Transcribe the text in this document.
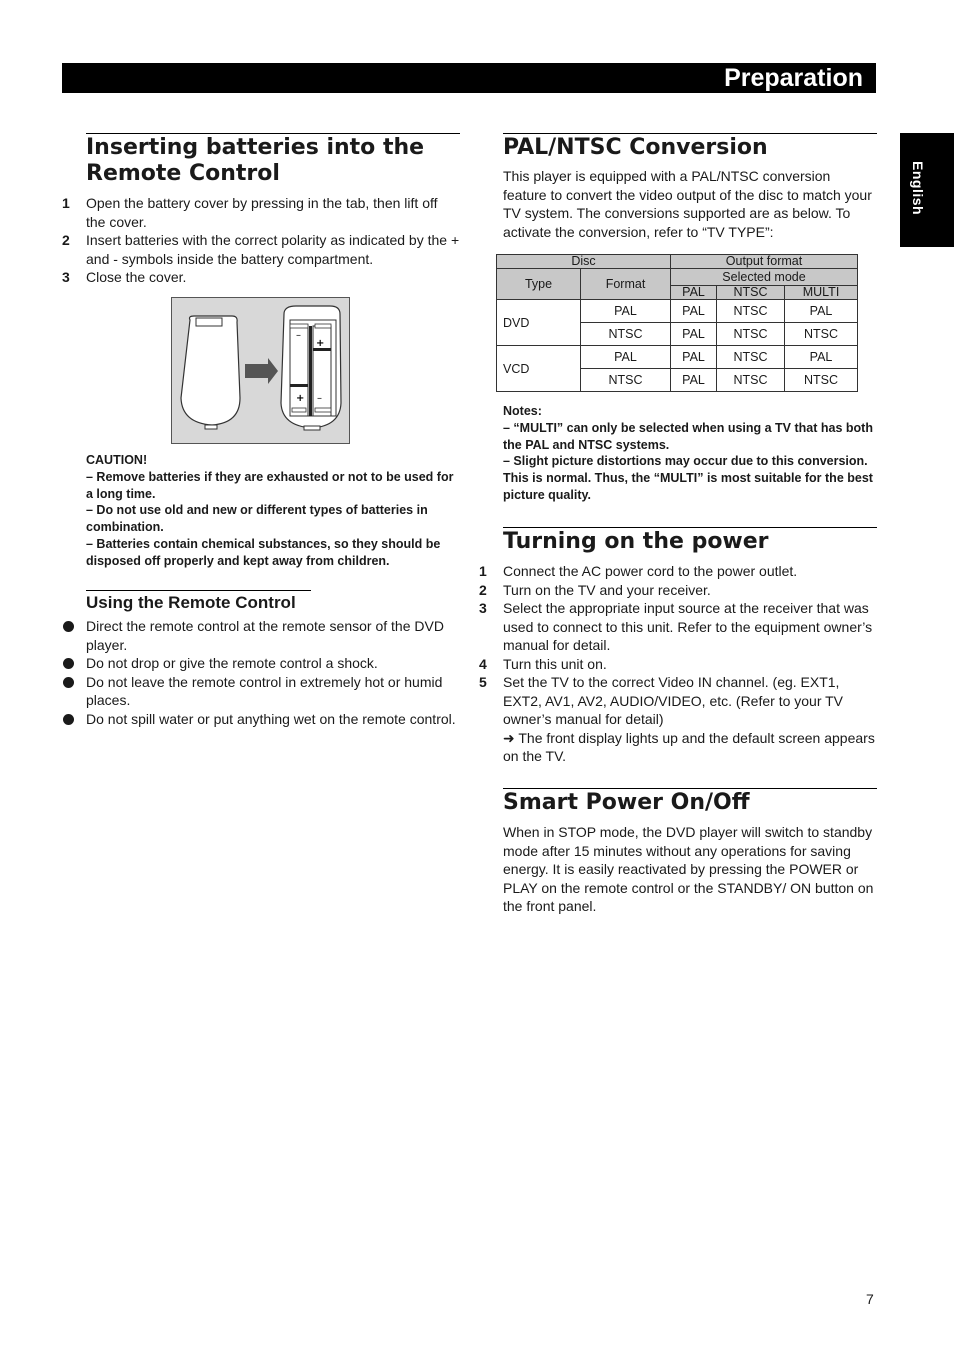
Preparation
English
Inserting batteries into the
Remote Control
1 Open the battery cover by pressing in the tab, then lift off the cover.
2 Insert batteries with the correct polarity as indicated by the + and - symbols inside the battery compartment.
3 Close the cover.
–
+
+ –
CAUTION!
– Remove batteries if they are exhausted or not to be used for a long time.
– Do not use old and new or different types of batteries in combination.
– Batteries contain chemical substances, so they should be disposed off properly and kept away from children.
Using the Remote Control
Direct the remote control at the remote sensor of the DVD player.
Do not drop or give the remote control a shock.
Do not leave the remote control in extremely hot or humid places.
Do not spill water or put anything wet on the remote control.
PAL/NTSC Conversion

This player is equipped with a PAL/NTSC conversion feature to convert the video output of the disc to match your TV system. The conversions supported are as below. To activate the conversion, refer to “TV TYPE”:

Disc		Output format		
Type	Format	Selected mode		
		PAL	NTSC	MULTI
DVD	PAL	PAL	NTSC	PAL
	NTSC	PAL	NTSC	NTSC
VCD	PAL	PAL	NTSC	PAL
	NTSC	PAL	NTSC	NTSC
Notes:
– “MULTI” can only be selected when using a TV that has both the PAL and NTSC systems.
– Slight picture distortions may occur due to this conversion. This is normal. Thus, the “MULTI” is most suitable for the best picture quality.
Turning on the power
1 Connect the AC power cord to the power outlet.
2 Turn on the TV and your receiver.
3 Select the appropriate input source at the receiver that was used to connect to this unit. Refer to the equipment owner’s manual for detail.
4 Turn this unit on.
5 Set the TV to the correct Video IN channel. (eg. EXT1, EXT2, AV1, AV2, AUDIO/VIDEO, etc. (Refer to your TV owner’s manual for detail)

➜ The front display lights up and the default screen appears on the TV.

Smart Power On/Off

When in STOP mode, the DVD player will switch to standby mode after 15 minutes without any operations for saving energy. It is easily reactivated by pressing the POWER or PLAY on the remote control or the STANDBY/ ON button on the front panel.

7
